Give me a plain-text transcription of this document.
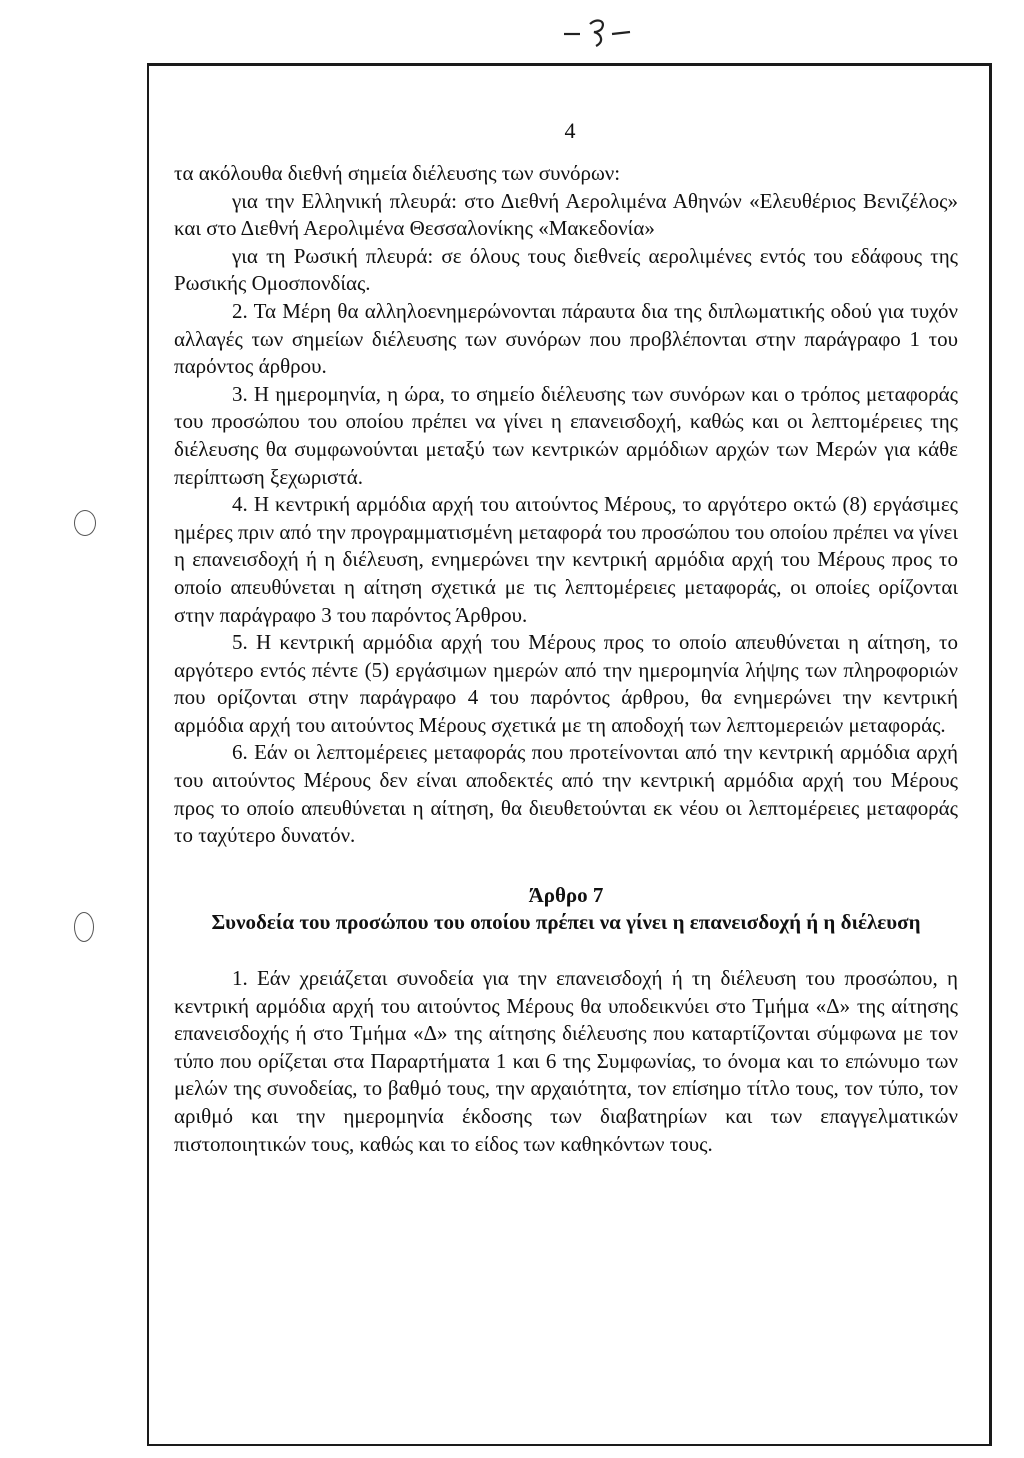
4

τα ακόλουθα διεθνή σημεία διέλευσης των συνόρων:

για την Ελληνική πλευρά: στο Διεθνή Αερολιμένα Αθηνών «Ελευθέριος Βενιζέλος» και στο Διεθνή Αερολιμένα Θεσσαλονίκης «Μακεδονία»

για τη Ρωσική πλευρά: σε όλους τους διεθνείς αερολιμένες εντός του εδάφους της Ρωσικής Ομοσπονδίας.

2. Τα Μέρη θα αλληλοενημερώνονται πάραυτα δια της διπλωματικής οδού για τυχόν αλλαγές των σημείων διέλευσης των συνόρων που προβλέπονται στην παράγραφο 1 του παρόντος άρθρου.

3. Η ημερομηνία, η ώρα, το σημείο διέλευσης των συνόρων και ο τρόπος μεταφοράς του προσώπου του οποίου πρέπει να γίνει η επανεισδοχή, καθώς και οι λεπτομέρειες της διέλευσης θα συμφωνούνται μεταξύ των κεντρικών αρμόδιων αρχών των Μερών για κάθε περίπτωση ξεχωριστά.

4. Η κεντρική αρμόδια αρχή του αιτούντος Μέρους, το αργότερο οκτώ (8) εργάσιμες ημέρες πριν από την προγραμματισμένη μεταφορά του προσώπου του οποίου πρέπει να γίνει η επανεισδοχή ή η διέλευση, ενημερώνει την κεντρική αρμόδια αρχή του Μέρους προς το οποίο απευθύνεται η αίτηση σχετικά με τις λεπτομέρειες μεταφοράς, οι οποίες ορίζονται στην παράγραφο 3 του παρόντος Άρθρου.

5. Η κεντρική αρμόδια αρχή του Μέρους προς το οποίο απευθύνεται η αίτηση, το αργότερο εντός πέντε (5) εργάσιμων ημερών από την ημερομηνία λήψης των πληροφοριών που ορίζονται στην παράγραφο 4 του παρόντος άρθρου, θα ενημερώνει την κεντρική αρμόδια αρχή του αιτούντος Μέρους σχετικά με τη αποδοχή των λεπτομερειών μεταφοράς.

6. Εάν οι λεπτομέρειες μεταφοράς που προτείνονται από την κεντρική αρμόδια αρχή του αιτούντος Μέρους δεν είναι αποδεκτές από την κεντρική αρμόδια αρχή του Μέρους προς το οποίο απευθύνεται η αίτηση, θα διευθετούνται εκ νέου οι λεπτομέρειες μεταφοράς το ταχύτερο δυνατόν.

Άρθρο 7
Συνοδεία του προσώπου του οποίου πρέπει να γίνει η επανεισδοχή ή η διέλευση

1. Εάν χρειάζεται συνοδεία για την επανεισδοχή ή τη διέλευση του προσώπου, η κεντρική αρμόδια αρχή του αιτούντος Μέρους θα υποδεικνύει στο Τμήμα «Δ» της αίτησης επανεισδοχής ή στο Τμήμα «Δ» της αίτησης διέλευσης που καταρτίζονται σύμφωνα με τον τύπο που ορίζεται στα Παραρτήματα 1 και 6 της Συμφωνίας, το όνομα και το επώνυμο των μελών της συνοδείας, το βαθμό τους, την αρχαιότητα, τον επίσημο τίτλο τους, τον τύπο, τον αριθμό και την ημερομηνία έκδοσης των διαβατηρίων και των επαγγελματικών πιστοποιητικών τους, καθώς και το είδος των καθηκόντων τους.
